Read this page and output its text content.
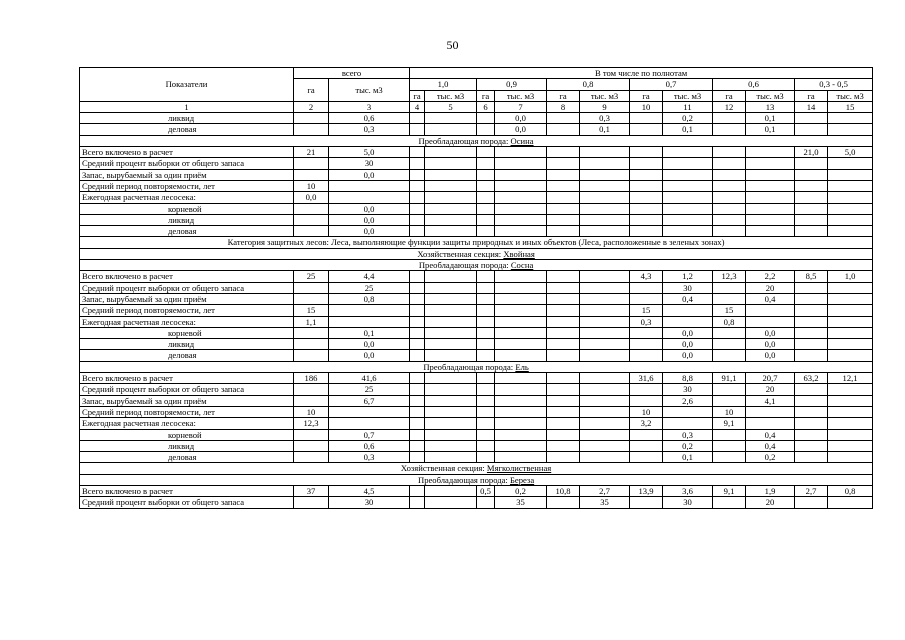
50
Показатели	всего		В том числе по полнотам											
	га	тыс. м3	1,0		0,9		0,8		0,7		0,6		0,3 - 0,5	
			га	тыс. м3	га	тыс. м3	га	тыс. м3	га	тыс. м3	га	тыс. м3	га	тыс. м3
1	2	3	4	5	6	7	8	9	10	11	12	13	14	15
ликвид		0,6				0,0		0,3		0,2		0,1		
деловая		0,3				0,0		0,1		0,1		0,1		
Преобладающая порода: Осина														
Всего включено в расчет	21	5,0											21,0	5,0
Средний процент выборки от общего запаса		30												
Запас, вырубаемый за один приём		0,0												
Средний период повторяемости, лет	10													
Ежегодная расчетная лесосека:	0,0													
корневой		0,0												
ликвид		0,0												
деловая		0,0												
Категория защитных лесов: Леса, выполняющие функции защиты природных и иных объектов (Леса, расположенные в зеленых зонах)														
Хозяйственная секция: Хвойная														
Преобладающая порода: Сосна														
Всего включено в расчет	25	4,4							4,3	1,2	12,3	2,2	8,5	1,0
Средний процент выборки от общего запаса		25								30		20		
Запас, вырубаемый за один приём		0,8								0,4		0,4		
Средний период повторяемости, лет	15								15		15			
Ежегодная расчетная лесосека:	1,1								0,3		0,8			
корневой		0,1								0,0		0,0		
ликвид		0,0								0,0		0,0		
деловая		0,0								0,0		0,0		
Преобладающая порода: Ель														
Всего включено в расчет	186	41,6							31,6	8,8	91,1	20,7	63,2	12,1
Средний процент выборки от общего запаса		25								30		20		
Запас, вырубаемый за один приём		6,7								2,6		4,1		
Средний период повторяемости, лет	10								10		10			
Ежегодная расчетная лесосека:	12,3								3,2		9,1			
корневой		0,7								0,3		0,4		
ликвид		0,6								0,2		0,4		
деловая		0,3								0,1		0,2		
Хозяйственная секция: Мягколиственная														
Преобладающая порода: Береза														
Всего включено в расчет	37	4,5			0,5	0,2	10,8	2,7	13,9	3,6	9,1	1,9	2,7	0,8
Средний процент выборки от общего запаса		30				35		35		30		20		
